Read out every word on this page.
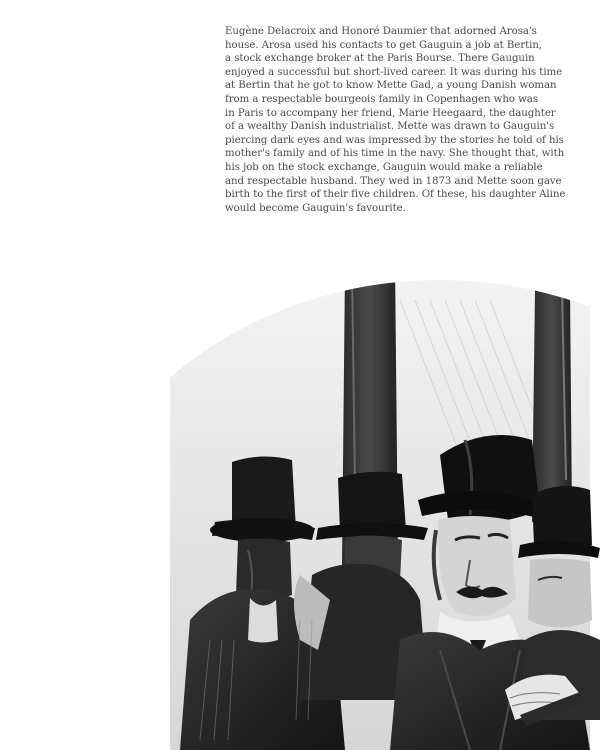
Eugène Delacroix and Honoré Daumier that adorned Arosa's
house. Arosa used his contacts to get Gauguin a job at Bertin,
a stock exchange broker at the Paris Bourse. There Gauguin
enjoyed a successful but short-lived career. It was during his time
at Bertin that he got to know Mette Gad, a young Danish woman
from a respectable bourgeois family in Copenhagen who was
in Paris to accompany her friend, Marie Heegaard, the daughter
of a wealthy Danish industrialist. Mette was drawn to Gauguin's
piercing dark eyes and was impressed by the stories he told of his
mother's family and of his time in the navy. She thought that, with
his job on the stock exchange, Gauguin would make a reliable
and respectable husband. They wed in 1873 and Mette soon gave
birth to the first of their five children. Of these, his daughter Aline
would become Gauguin's favourite.
